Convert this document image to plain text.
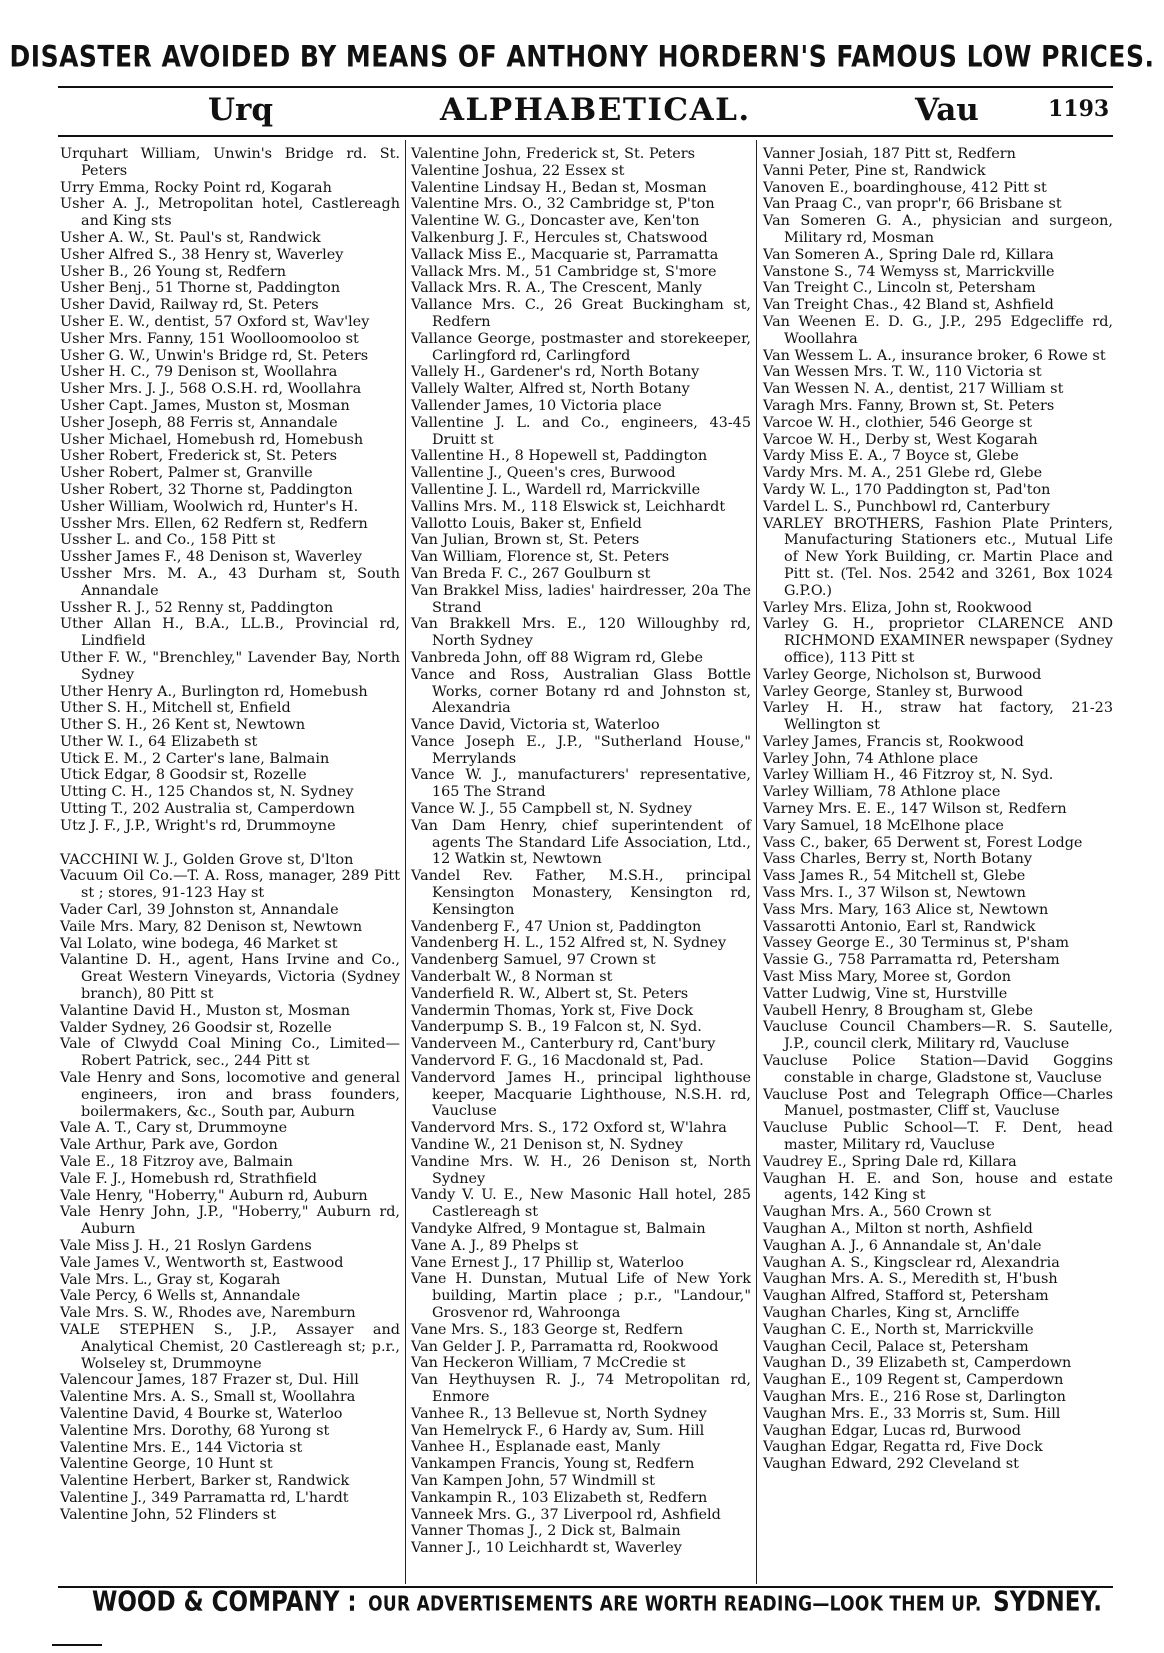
DISASTER AVOIDED BY MEANS OF ANTHONY HORDERN'S FAMOUS LOW PRICES.
Urq	ALPHABETICAL.	Vau	1193
Urquhart William, Unwin's Bridge rd. St. Peters
Urry Emma, Rocky Point rd, Kogarah
Usher A. J., Metropolitan hotel, Castlereagh and King sts
Usher A. W., St. Paul's st, Randwick
Usher Alfred S., 38 Henry st, Waverley
Usher B., 26 Young st, Redfern
Usher Benj., 51 Thorne st, Paddington
Usher David, Railway rd, St. Peters
Usher E. W., dentist, 57 Oxford st, Wav'ley
Usher Mrs. Fanny, 151 Woolloomooloo st
Usher G. W., Unwin's Bridge rd, St. Peters
Usher H. C., 79 Denison st, Woollahra
Usher Mrs. J. J., 568 O.S.H. rd, Woollahra
Usher Capt. James, Muston st, Mosman
Usher Joseph, 88 Ferris st, Annandale
Usher Michael, Homebush rd, Homebush
Usher Robert, Frederick st, St. Peters
Usher Robert, Palmer st, Granville
Usher Robert, 32 Thorne st, Paddington
Usher William, Woolwich rd, Hunter's H.
Ussher Mrs. Ellen, 62 Redfern st, Redfern
Ussher L. and Co., 158 Pitt st
Ussher James F., 48 Denison st, Waverley
Ussher Mrs. M. A., 43 Durham st, South Annandale
Ussher R. J., 52 Renny st, Paddington
Uther Allan H., B.A., LL.B., Provincial rd, Lindfield
Uther F. W., "Brenchley," Lavender Bay, North Sydney
Uther Henry A., Burlington rd, Homebush
Uther S. H., Mitchell st, Enfield
Uther S. H., 26 Kent st, Newtown
Uther W. I., 64 Elizabeth st
Utick E. M., 2 Carter's lane, Balmain
Utick Edgar, 8 Goodsir st, Rozelle
Utting C. H., 125 Chandos st, N. Sydney
Utting T., 202 Australia st, Camperdown
Utz J. F., J.P., Wright's rd, Drummoyne
VACCHINI W. J., Golden Grove st, D'lton
Vacuum Oil Co.—T. A. Ross, manager, 289 Pitt st ; stores, 91-123 Hay st
Vader Carl, 39 Johnston st, Annandale
Vaile Mrs. Mary, 82 Denison st, Newtown
Val Lolato, wine bodega, 46 Market st
Valantine D. H., agent, Hans Irvine and Co., Great Western Vineyards, Victoria (Sydney branch), 80 Pitt st
Valantine David H., Muston st, Mosman
Valder Sydney, 26 Goodsir st, Rozelle
Vale of Clwydd Coal Mining Co., Limited—Robert Patrick, sec., 244 Pitt st
Vale Henry and Sons, locomotive and general engineers, iron and brass founders, boilermakers, &c., South par, Auburn
Vale A. T., Cary st, Drummoyne
Vale Arthur, Park ave, Gordon
Vale E., 18 Fitzroy ave, Balmain
Vale F. J., Homebush rd, Strathfield
Vale Henry, "Hoberry," Auburn rd, Auburn
Vale Henry John, J.P., "Hoberry," Auburn rd, Auburn
Vale Miss J. H., 21 Roslyn Gardens
Vale James V., Wentworth st, Eastwood
Vale Mrs. L., Gray st, Kogarah
Vale Percy, 6 Wells st, Annandale
Vale Mrs. S. W., Rhodes ave, Naremburn
VALE STEPHEN S., J.P., Assayer and Analytical Chemist, 20 Castlereagh st; p.r., Wolseley st, Drummoyne
Valencour James, 187 Frazer st, Dul. Hill
Valentine Mrs. A. S., Small st, Woollahra
Valentine David, 4 Bourke st, Waterloo
Valentine Mrs. Dorothy, 68 Yurong st
Valentine Mrs. E., 144 Victoria st
Valentine George, 10 Hunt st
Valentine Herbert, Barker st, Randwick
Valentine J., 349 Parramatta rd, L'hardt
Valentine John, 52 Flinders st
Valentine John, Frederick st, St. Peters
Valentine Joshua, 22 Essex st
Valentine Lindsay H., Bedan st, Mosman
Valentine Mrs. O., 32 Cambridge st, P'ton
Valentine W. G., Doncaster ave, Ken'ton
Valkenburg J. F., Hercules st, Chatswood
Vallack Miss E., Macquarie st, Parramatta
Vallack Mrs. M., 51 Cambridge st, S'more
Vallack Mrs. R. A., The Crescent, Manly
Vallance Mrs. C., 26 Great Buckingham st, Redfern
Vallance George, postmaster and storekeeper, Carlingford rd, Carlingford
Vallely H., Gardener's rd, North Botany
Vallely Walter, Alfred st, North Botany
Vallender James, 10 Victoria place
Vallentine J. L. and Co., engineers, 43-45 Druitt st
Vallentine H., 8 Hopewell st, Paddington
Vallentine J., Queen's cres, Burwood
Vallentine J. L., Wardell rd, Marrickville
Vallins Mrs. M., 118 Elswick st, Leichhardt
Vallotto Louis, Baker st, Enfield
Van Julian, Brown st, St. Peters
Van William, Florence st, St. Peters
Van Breda F. C., 267 Goulburn st
Van Brakkel Miss, ladies' hairdresser, 20a The Strand
Van Brakkell Mrs. E., 120 Willoughby rd, North Sydney
Vanbreda John, off 88 Wigram rd, Glebe
Vance and Ross, Australian Glass Bottle Works, corner Botany rd and Johnston st, Alexandria
Vance David, Victoria st, Waterloo
Vance Joseph E., J.P., "Sutherland House," Merrylands
Vance W. J., manufacturers' representative, 165 The Strand
Vance W. J., 55 Campbell st, N. Sydney
Van Dam Henry, chief superintendent of agents The Standard Life Association, Ltd., 12 Watkin st, Newtown
Vandel Rev. Father, M.S.H., principal Kensington Monastery, Kensington rd, Kensington
Vandenberg F., 47 Union st, Paddington
Vandenberg H. L., 152 Alfred st, N. Sydney
Vandenberg Samuel, 97 Crown st
Vanderbalt W., 8 Norman st
Vanderfield R. W., Albert st, St. Peters
Vandermin Thomas, York st, Five Dock
Vanderpump S. B., 19 Falcon st, N. Syd.
Vanderveen M., Canterbury rd, Cant'bury
Vandervord F. G., 16 Macdonald st, Pad.
Vandervord James H., principal lighthouse keeper, Macquarie Lighthouse, N.S.H. rd, Vaucluse
Vandervord Mrs. S., 172 Oxford st, W'lahra
Vandine W., 21 Denison st, N. Sydney
Vandine Mrs. W. H., 26 Denison st, North Sydney
Vandy V. U. E., New Masonic Hall hotel, 285 Castlereagh st
Vandyke Alfred, 9 Montague st, Balmain
Vane A. J., 89 Phelps st
Vane Ernest J., 17 Phillip st, Waterloo
Vane H. Dunstan, Mutual Life of New York building, Martin place ; p.r., "Landour," Grosvenor rd, Wahroonga
Vane Mrs. S., 183 George st, Redfern
Van Gelder J. P., Parramatta rd, Rookwood
Van Heckeron William, 7 McCredie st
Van Heythuysen R. J., 74 Metropolitan rd, Enmore
Vanhee R., 13 Bellevue st, North Sydney
Van Hemelryck F., 6 Hardy av, Sum. Hill
Vanhee H., Esplanade east, Manly
Vankampen Francis, Young st, Redfern
Van Kampen John, 57 Windmill st
Vankampin R., 103 Elizabeth st, Redfern
Vanneek Mrs. G., 37 Liverpool rd, Ashfield
Vanner Thomas J., 2 Dick st, Balmain
Vanner J., 10 Leichhardt st, Waverley
Vanner Josiah, 187 Pitt st, Redfern
Vanni Peter, Pine st, Randwick
Vanoven E., boardinghouse, 412 Pitt st
Van Praag C., van propr'r, 66 Brisbane st
Van Someren G. A., physician and surgeon, Military rd, Mosman
Van Someren A., Spring Dale rd, Killara
Vanstone S., 74 Wemyss st, Marrickville
Van Treight C., Lincoln st, Petersham
Van Treight Chas., 42 Bland st, Ashfield
Van Weenen E. D. G., J.P., 295 Edgecliffe rd, Woollahra
Van Wessem L. A., insurance broker, 6 Rowe st
Van Wessen Mrs. T. W., 110 Victoria st
Van Wessen N. A., dentist, 217 William st
Varagh Mrs. Fanny, Brown st, St. Peters
Varcoe W. H., clothier, 546 George st
Varcoe W. H., Derby st, West Kogarah
Vardy Miss E. A., 7 Boyce st, Glebe
Vardy Mrs. M. A., 251 Glebe rd, Glebe
Vardy W. L., 170 Paddington st, Pad'ton
Vardel L. S., Punchbowl rd, Canterbury
VARLEY BROTHERS, Fashion Plate Printers, Manufacturing Stationers etc., Mutual Life of New York Building, cr. Martin Place and Pitt st. (Tel. Nos. 2542 and 3261, Box 1024 G.P.O.)
Varley Mrs. Eliza, John st, Rookwood
Varley G. H., proprietor CLARENCE AND RICHMOND EXAMINER newspaper (Sydney office), 113 Pitt st
Varley George, Nicholson st, Burwood
Varley George, Stanley st, Burwood
Varley H. H., straw hat factory, 21-23 Wellington st
Varley James, Francis st, Rookwood
Varley John, 74 Athlone place
Varley William H., 46 Fitzroy st, N. Syd.
Varley William, 78 Athlone place
Varney Mrs. E. E., 147 Wilson st, Redfern
Vary Samuel, 18 McElhone place
Vass C., baker, 65 Derwent st, Forest Lodge
Vass Charles, Berry st, North Botany
Vass James R., 54 Mitchell st, Glebe
Vass Mrs. I., 37 Wilson st, Newtown
Vass Mrs. Mary, 163 Alice st, Newtown
Vassarotti Antonio, Earl st, Randwick
Vassey George E., 30 Terminus st, P'sham
Vassie G., 758 Parramatta rd, Petersham
Vast Miss Mary, Moree st, Gordon
Vatter Ludwig, Vine st, Hurstville
Vaubell Henry, 8 Brougham st, Glebe
Vaucluse Council Chambers—R. S. Sautelle, J.P., council clerk, Military rd, Vaucluse
Vaucluse Police Station—David Goggins constable in charge, Gladstone st, Vaucluse
Vaucluse Post and Telegraph Office—Charles Manuel, postmaster, Cliff st, Vaucluse
Vaucluse Public School—T. F. Dent, head master, Military rd, Vaucluse
Vaudrey E., Spring Dale rd, Killara
Vaughan H. E. and Son, house and estate agents, 142 King st
Vaughan Mrs. A., 560 Crown st
Vaughan A., Milton st north, Ashfield
Vaughan A. J., 6 Annandale st, An'dale
Vaughan A. S., Kingsclear rd, Alexandria
Vaughan Mrs. A. S., Meredith st, H'bush
Vaughan Alfred, Stafford st, Petersham
Vaughan Charles, King st, Arncliffe
Vaughan C. E., North st, Marrickville
Vaughan Cecil, Palace st, Petersham
Vaughan D., 39 Elizabeth st, Camperdown
Vaughan E., 109 Regent st, Camperdown
Vaughan Mrs. E., 216 Rose st, Darlington
Vaughan Mrs. E., 33 Morris st, Sum. Hill
Vaughan Edgar, Lucas rd, Burwood
Vaughan Edgar, Regatta rd, Five Dock
Vaughan Edward, 292 Cleveland st
WOOD & COMPANY : OUR ADVERTISEMENTS ARE WORTH READING—LOOK THEM UP. SYDNEY.
